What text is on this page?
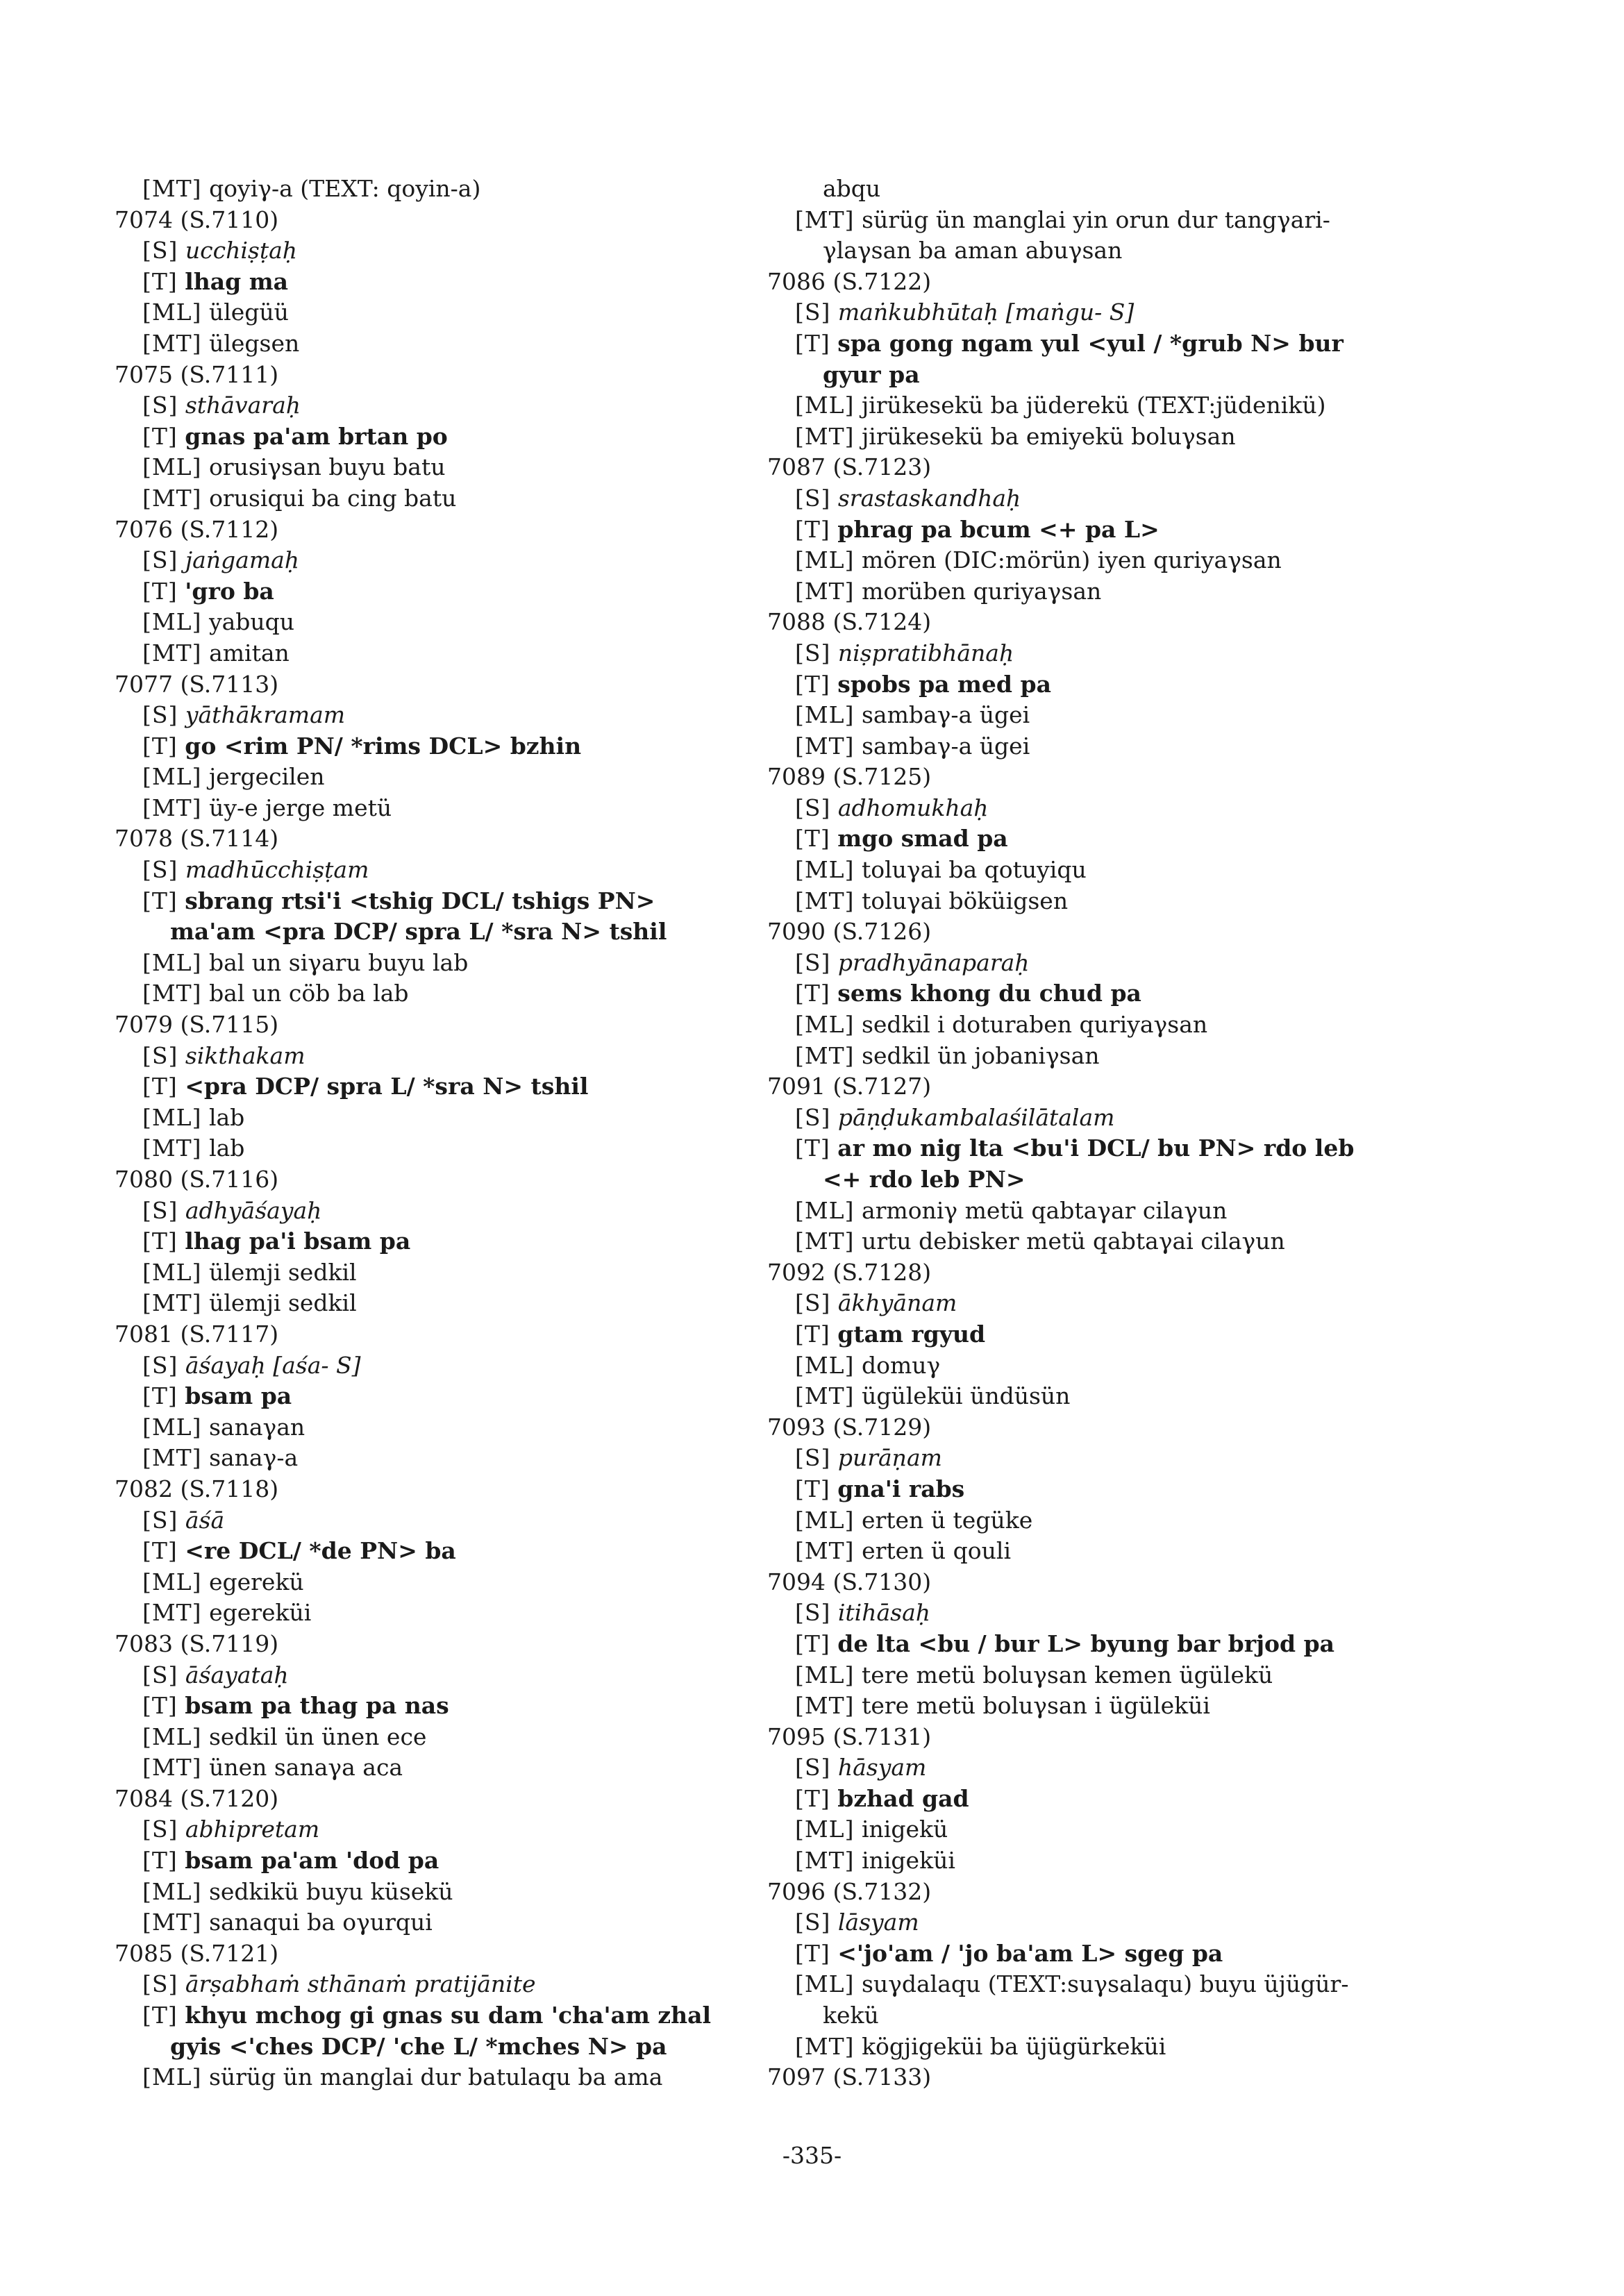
[MT] qoyiγ-a (TEXT: qoyin-a)
7074 (S.7110)
[S] ucchiṣṭaḥ
[T] lhag ma
[ML] ülegüü
[MT] ülegsen
7075 (S.7111)
[S] sthāvaraḥ
[T] gnas pa'am brtan po
[ML] orusiγsan buyu batu
[MT] orusiqui ba cing batu
7076 (S.7112)
[S] jaṅgamaḥ
[T] 'gro ba
[ML] yabuqu
[MT] amitan
7077 (S.7113)
[S] yāthākramam
[T] go <rim PN/ *rims DCL> bzhin
[ML] jergecilen
[MT] üy-e jerge metü
7078 (S.7114)
[S] madhūcchiṣṭam
[T] sbrang rtsi'i <tshig DCL/ tshigs PN>
ma'am <pra DCP/ spra L/ *sra N> tshil
[ML] bal un siγaru buyu lab
[MT] bal un cöb ba lab
7079 (S.7115)
[S] sikthakam
[T] <pra DCP/ spra L/ *sra N> tshil
[ML] lab
[MT] lab
7080 (S.7116)
[S] adhyāśayaḥ
[T] lhag pa'i bsam pa
[ML] ülemji sedkil
[MT] ülemji sedkil
7081 (S.7117)
[S] āśayaḥ [aśa- S]
[T] bsam pa
[ML] sanaγan
[MT] sanaγ-a
7082 (S.7118)
[S] āśā
[T] <re DCL/ *de PN> ba
[ML] egerekü
[MT] egereküi
7083 (S.7119)
[S] āśayataḥ
[T] bsam pa thag pa nas
[ML] sedkil ün ünen ece
[MT] ünen sanaγa aca
7084 (S.7120)
[S] abhipretam
[T] bsam pa'am 'dod pa
[ML] sedkikü buyu küsekü
[MT] sanaqui ba oγurqui
7085 (S.7121)
[S] ārṣabhaṁ sthānaṁ pratijānite
[T] khyu mchog gi gnas su dam 'cha'am zhal
gyis <'ches DCP/ 'che L/ *mches N> pa
[ML] sürüg ün manglai dur batulaqu ba ama
abqu
[MT] sürüg ün manglai yin orun dur tangγari-
γlaγsan ba aman abuγsan
7086 (S.7122)
[S] maṅkubhūtaḥ [maṅgu- S]
[T] spa gong ngam yul <yul / *grub N> bur
gyur pa
[ML] jirükesekü ba jüderekü (TEXT:jüdenikü)
[MT] jirükesekü ba emiyekü boluγsan
7087 (S.7123)
[S] srastaskandhaḥ
[T] phrag pa bcum <+ pa L>
[ML] mören (DIC:mörün) iyen quriyaγsan
[MT] morüben quriyaγsan
7088 (S.7124)
[S] niṣpratibhānaḥ
[T] spobs pa med pa
[ML] sambaγ-a ügei
[MT] sambaγ-a ügei
7089 (S.7125)
[S] adhomukhaḥ
[T] mgo smad pa
[ML] toluγai ba qotuyiqu
[MT] toluγai böküigsen
7090 (S.7126)
[S] pradhyānaparaḥ
[T] sems khong du chud pa
[ML] sedkil i doturaben quriyaγsan
[MT] sedkil ün jobaniγsan
7091 (S.7127)
[S] pāṇḍukambalaśilātalam
[T] ar mo nig lta <bu'i DCL/ bu PN> rdo leb
<+ rdo leb PN>
[ML] armoniγ metü qabtaγar cilaγun
[MT] urtu debisker metü qabtaγai cilaγun
7092 (S.7128)
[S] ākhyānam
[T] gtam rgyud
[ML] domuγ
[MT] ügüleküi ündüsün
7093 (S.7129)
[S] purāṇam
[T] gna'i rabs
[ML] erten ü tegüke
[MT] erten ü qouli
7094 (S.7130)
[S] itihāsaḥ
[T] de lta <bu / bur L> byung bar brjod pa
[ML] tere metü boluγsan kemen ügülekü
[MT] tere metü boluγsan i ügüleküi
7095 (S.7131)
[S] hāsyam
[T] bzhad gad
[ML] inigekü
[MT] inigeküi
7096 (S.7132)
[S] lāsyam
[T] <'jo'am / 'jo ba'am L> sgeg pa
[ML] suγdalaqu (TEXT:suγsalaqu) buyu üjügür-
kekü
[MT] kögjigeküi ba üjügürkeküi
7097 (S.7133)
-335-
